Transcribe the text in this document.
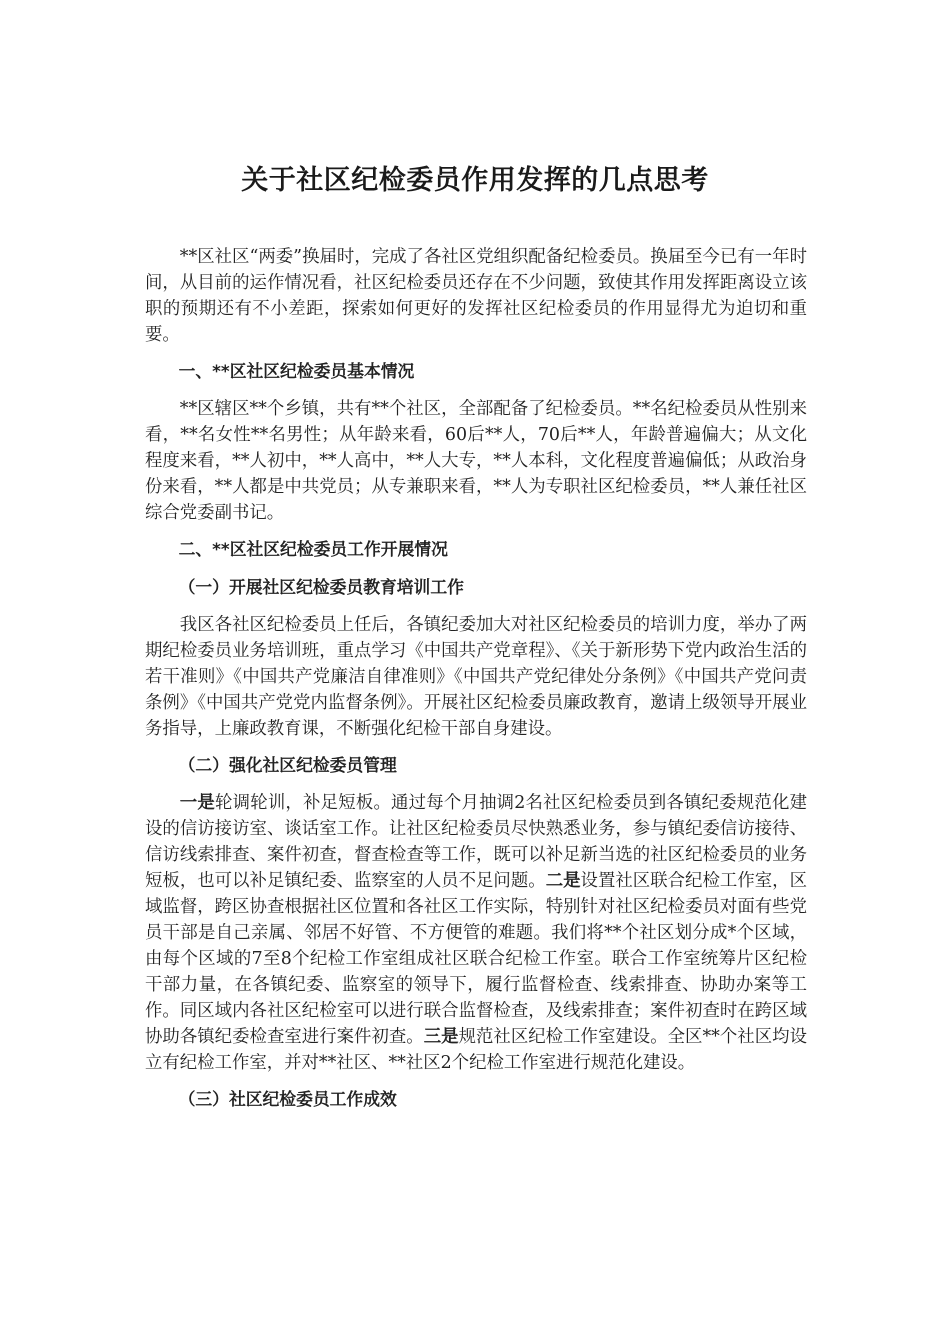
关于社区纪检委员作用发挥的几点思考

**区社区“两委”换届时，完成了各社区党组织配备纪检委员。换届至今已有一年时间，从目前的运作情况看，社区纪检委员还存在不少问题，致使其作用发挥距离设立该职的预期还有不小差距，探索如何更好的发挥社区纪检委员的作用显得尤为迫切和重要。

一、**区社区纪检委员基本情况

**区辖区**个乡镇，共有**个社区，全部配备了纪检委员。**名纪检委员从性别来看，**名女性**名男性；从年龄来看，60后**人，70后**人，年龄普遍偏大；从文化程度来看，**人初中，**人高中，**人大专，**人本科，文化程度普遍偏低；从政治身份来看，**人都是中共党员；从专兼职来看，**人为专职社区纪检委员，**人兼任社区综合党委副书记。

二、**区社区纪检委员工作开展情况

（一）开展社区纪检委员教育培训工作

我区各社区纪检委员上任后，各镇纪委加大对社区纪检委员的培训力度，举办了两期纪检委员业务培训班，重点学习《中国共产党章程》、《关于新形势下党内政治生活的若干准则》《中国共产党廉洁自律准则》《中国共产党纪律处分条例》《中国共产党问责条例》《中国共产党党内监督条例》。开展社区纪检委员廉政教育，邀请上级领导开展业务指导，上廉政教育课，不断强化纪检干部自身建设。

（二）强化社区纪检委员管理

一是轮调轮训，补足短板。通过每个月抽调2名社区纪检委员到各镇纪委规范化建设的信访接访室、谈话室工作。让社区纪检委员尽快熟悉业务，参与镇纪委信访接待、信访线索排查、案件初查，督查检查等工作，既可以补足新当选的社区纪检委员的业务短板，也可以补足镇纪委、监察室的人员不足问题。二是设置社区联合纪检工作室，区域监督，跨区协查根据社区位置和各社区工作实际，特别针对社区纪检委员对面有些党员干部是自己亲属、邻居不好管、不方便管的难题。我们将**个社区划分成*个区域，由每个区域的7至8个纪检工作室组成社区联合纪检工作室。联合工作室统筹片区纪检干部力量，在各镇纪委、监察室的领导下，履行监督检查、线索排查、协助办案等工作。同区域内各社区纪检室可以进行联合监督检查，及线索排查；案件初查时在跨区域协助各镇纪委检查室进行案件初查。三是规范社区纪检工作室建设。全区**个社区均设立有纪检工作室，并对**社区、**社区2个纪检工作室进行规范化建设。

（三）社区纪检委员工作成效
